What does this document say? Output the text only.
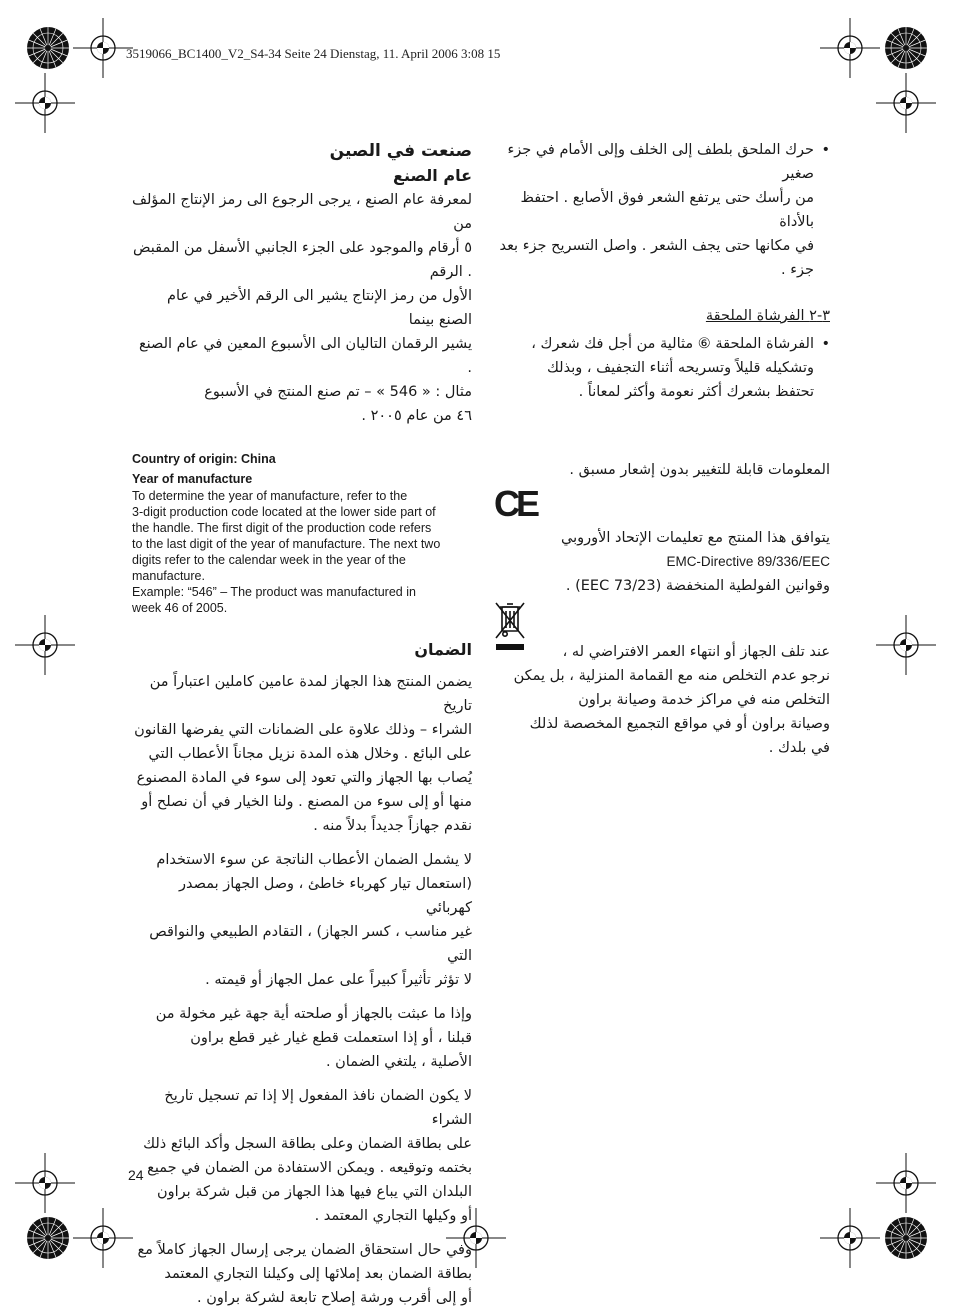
3519066_BC1400_V2_S4-34 Seite 24 Dienstag, 11. April 2006 3:08 15

صنعت في الصين
عام الصنع

لمعرفة عام الصنع ، يرجى الرجوع الى رمز الإنتاج المؤلف من

٥ أرقام والموجود على الجزء الجانبي الأسفل من المقبض . الرقم

الأول من رمز الإنتاج يشير الى الرقم الأخير في عام الصنع بينما

يشير الرقمان التاليان الى الأسبوع المعين في عام الصنع .

مثال : « 546 » – تم صنع المنتج في الأسبوع

٤٦ من عام ٢٠٠٥ .

Country of origin: China

Year of manufacture

To determine the year of manufacture, refer to the

3-digit production code located at the lower side part of

the handle. The first digit of the production code refers

to the last digit of the year of manufacture. The next two

digits refer to the calendar week in the year of the

manufacture.

Example: “546” – The product was manufactured in

week 46 of 2005.

الضمان

يضمن المنتج هذا الجهاز لمدة عامين كاملين اعتباراً من تاريخ

الشراء – وذلك علاوة على الضمانات التي يفرضها القانون

على البائع . وخلال هذه المدة نزيل مجاناً الأعطاب التي

يُصاب بها الجهاز والتي تعود إلى سوء في المادة المصنوع

منها أو إلى سوء من المصنع . ولنا الخيار في أن نصلح أو

نقدم جهازاً جديداً بدلاً منه .

لا يشمل الضمان الأعطاب الناتجة عن سوء الاستخدام

(استعمال تيار كهرباء خاطئ ، وصل الجهاز بمصدر كهربائي

غير مناسب ، كسر الجهاز) ، التقادم الطبيعي والنواقص التي

لا تؤثر تأثيراً كبيراً على عمل الجهاز أو قيمته .

وإذا ما عبثت بالجهاز أو صلحته أية جهة غير مخولة من

قبلنا ، أو إذا استعملت قطع غيار غير قطع براون

الأصلية ، يلتغي الضمان .

لا يكون الضمان نافذ المفعول إلا إذا تم تسجيل تاريخ الشراء

على بطاقة الضمان وعلى بطاقة السجل وأكد البائع ذلك

بختمه وتوقيعه . ويمكن الاستفادة من الضمان في جميع

البلدان التي يباع فيها هذا الجهاز من قبل شركة براون

أو وكيلها التجاري المعتمد .

وفي حال استحقاق الضمان يرجى إرسال الجهاز كاملاً مع

بطاقة الضمان بعد إملائها إلى وكيلنا التجاري المعتمد

أو إلى أقرب ورشة إصلاح تابعة لشركة براون .

• حرك الملحق بلطف إلى الخلف وإلى الأمام في جزء صغير

من رأسك حتى يرتفع الشعر فوق الأصابع . احتفظ بالأداة

في مكانها حتى يجف الشعر . واصل التسريح جزء بعد جزء .

٣-٢ الفرشاة الملحقة

• الفرشاة الملحقة ⑥ مثالية من أجل فك شعرك ،

وتشكيله قليلاً وتسريحه أثناء التجفيف ، وبذلك

تحتفظ بشعرك أكثر نعومة وأكثر لمعاناً .

المعلومات قابلة للتغيير بدون إشعار مسبق .

يتوافق هذا المنتج مع تعليمات الإتحاد الأوروبي

EMC-Directive 89/336/EEC

وقوانين الفولطية المنخفضة (73/23 EEC) .

عند تلف الجهاز أو انتهاء العمر الافتراضي له ،

نرجو عدم التخلص منه مع القمامة المنزلية ، بل يمكن

التخلص منه في مراكز خدمة وصيانة براون

وصيانة براون أو في مواقع التجميع المخصصة لذلك

في بلدك .

CE

24
